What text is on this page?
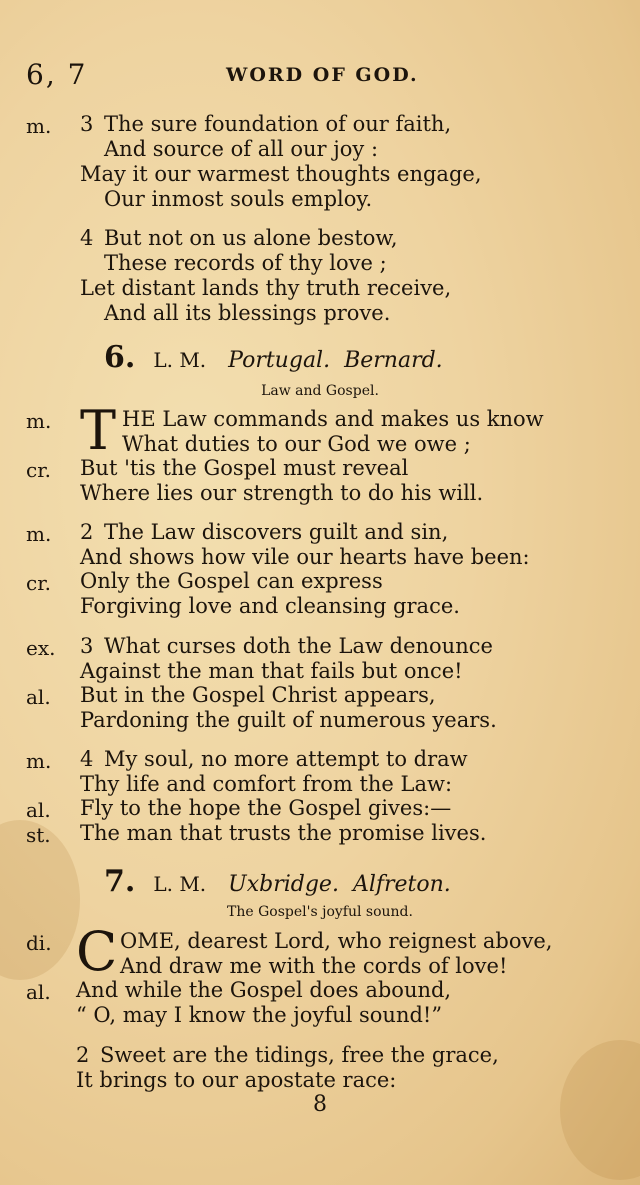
6, 7	WORD OF GOD.
m. 3 The sure foundation of our faith,
And source of all our joy :
May it our warmest thoughts engage,
Our inmost souls employ.
4 But not on us alone bestow,
These records of thy love ;
Let distant lands thy truth receive,
And all its blessings prove.
6. L. M. Portugal. Bernard.
Law and Gospel.
m. T HE Law commands and makes us know
What duties to our God we owe ;
cr. But 'tis the Gospel must reveal
Where lies our strength to do his will.
m. 2 The Law discovers guilt and sin,
And shows how vile our hearts have been:
cr. Only the Gospel can express
Forgiving love and cleansing grace.
ex. 3 What curses doth the Law denounce
Against the man that fails but once!
al. But in the Gospel Christ appears,
Pardoning the guilt of numerous years.
m. 4 My soul, no more attempt to draw
Thy life and comfort from the Law:
al. Fly to the hope the Gospel gives:—
st. The man that trusts the promise lives.
7. L. M. Uxbridge. Alfreton.
The Gospel's joyful sound.
di. C OME, dearest Lord, who reignest above,
And draw me with the cords of love!
al. And while the Gospel does abound,
“ O, may I know the joyful sound!”
2 Sweet are the tidings, free the grace,
It brings to our apostate race:
8
